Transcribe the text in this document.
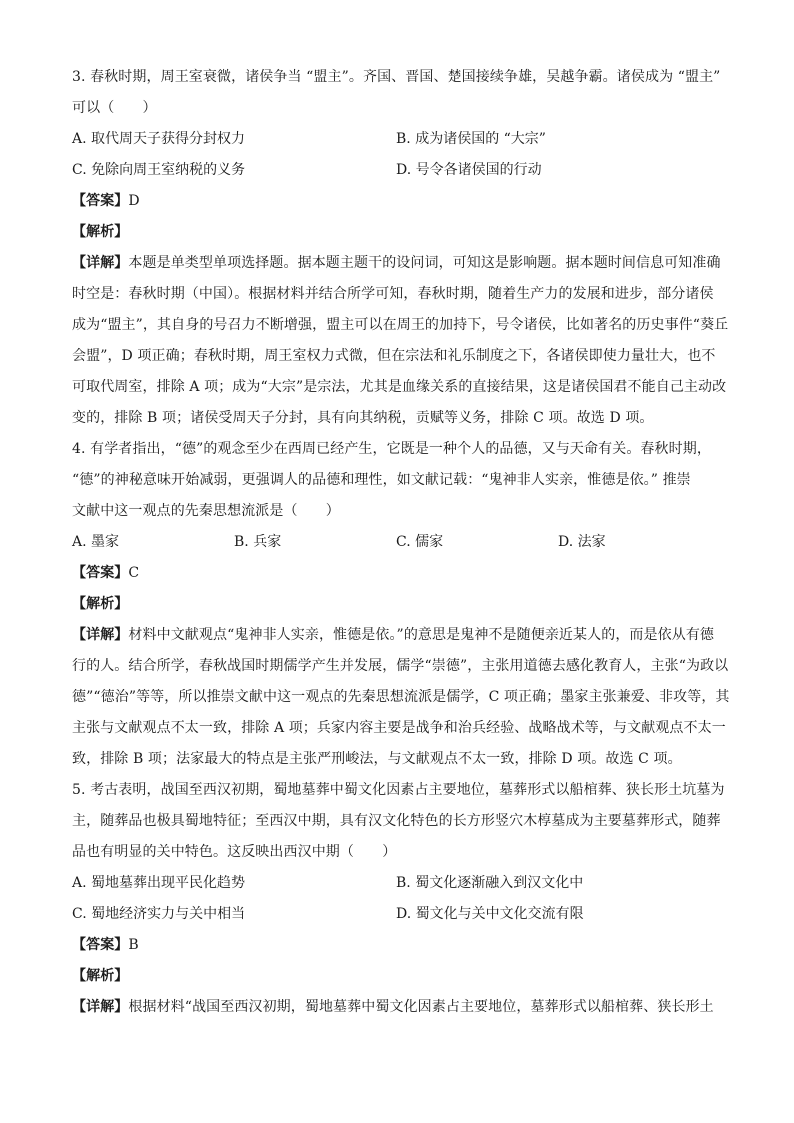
3. 春秋时期，周王室衰微，诸侯争当 “盟主”。齐国、晋国、楚国接续争雄，吴越争霸。诸侯成为 “盟主”
可以（　　）
A. 取代周天子获得分封权力	B. 成为诸侯国的 “大宗”
C. 免除向周王室纳税的义务	D. 号令各诸侯国的行动
【答案】D
【解析】
【详解】本题是单类型单项选择题。据本题主题干的设问词，可知这是影响题。据本题时间信息可知准确
时空是：春秋时期（中国）。根据材料并结合所学可知，春秋时期，随着生产力的发展和进步，部分诸侯
成为“盟主”，其自身的号召力不断增强，盟主可以在周王的加持下，号令诸侯，比如著名的历史事件“葵丘
会盟”，D 项正确；春秋时期，周王室权力式微，但在宗法和礼乐制度之下，各诸侯即使力量壮大，也不
可取代周室，排除 A 项；成为“大宗”是宗法，尤其是血缘关系的直接结果，这是诸侯国君不能自己主动改
变的，排除 B 项；诸侯受周天子分封，具有向其纳税，贡赋等义务，排除 C 项。故选 D 项。
4. 有学者指出，“德”的观念至少在西周已经产生，它既是一种个人的品德，又与天命有关。春秋时期，
“德”的神秘意味开始减弱，更强调人的品德和理性，如文献记载：“鬼神非人实亲，惟德是依。” 推崇
文献中这一观点的先秦思想流派是（　　）
A. 墨家	B. 兵家	C. 儒家	D. 法家
【答案】C
【解析】
【详解】材料中文献观点“鬼神非人实亲，惟德是依。”的意思是鬼神不是随便亲近某人的，而是依从有德
行的人。结合所学，春秋战国时期儒学产生并发展，儒学“崇德”，主张用道德去感化教育人，主张“为政以
德”“德治”等等，所以推崇文献中这一观点的先秦思想流派是儒学，C 项正确；墨家主张兼爱、非攻等，其
主张与文献观点不太一致，排除 A 项；兵家内容主要是战争和治兵经验、战略战术等，与文献观点不太一
致，排除 B 项；法家最大的特点是主张严刑峻法，与文献观点不太一致，排除 D 项。故选 C 项。
5. 考古表明，战国至西汉初期，蜀地墓葬中蜀文化因素占主要地位，墓葬形式以船棺葬、狭长形土坑墓为
主，随葬品也极具蜀地特征；至西汉中期，具有汉文化特色的长方形竖穴木椁墓成为主要墓葬形式，随葬
品也有明显的关中特色。这反映出西汉中期（　　）
A. 蜀地墓葬出现平民化趋势	B. 蜀文化逐渐融入到汉文化中
C. 蜀地经济实力与关中相当	D. 蜀文化与关中文化交流有限
【答案】B
【解析】
【详解】根据材料“战国至西汉初期，蜀地墓葬中蜀文化因素占主要地位，墓葬形式以船棺葬、狭长形土
